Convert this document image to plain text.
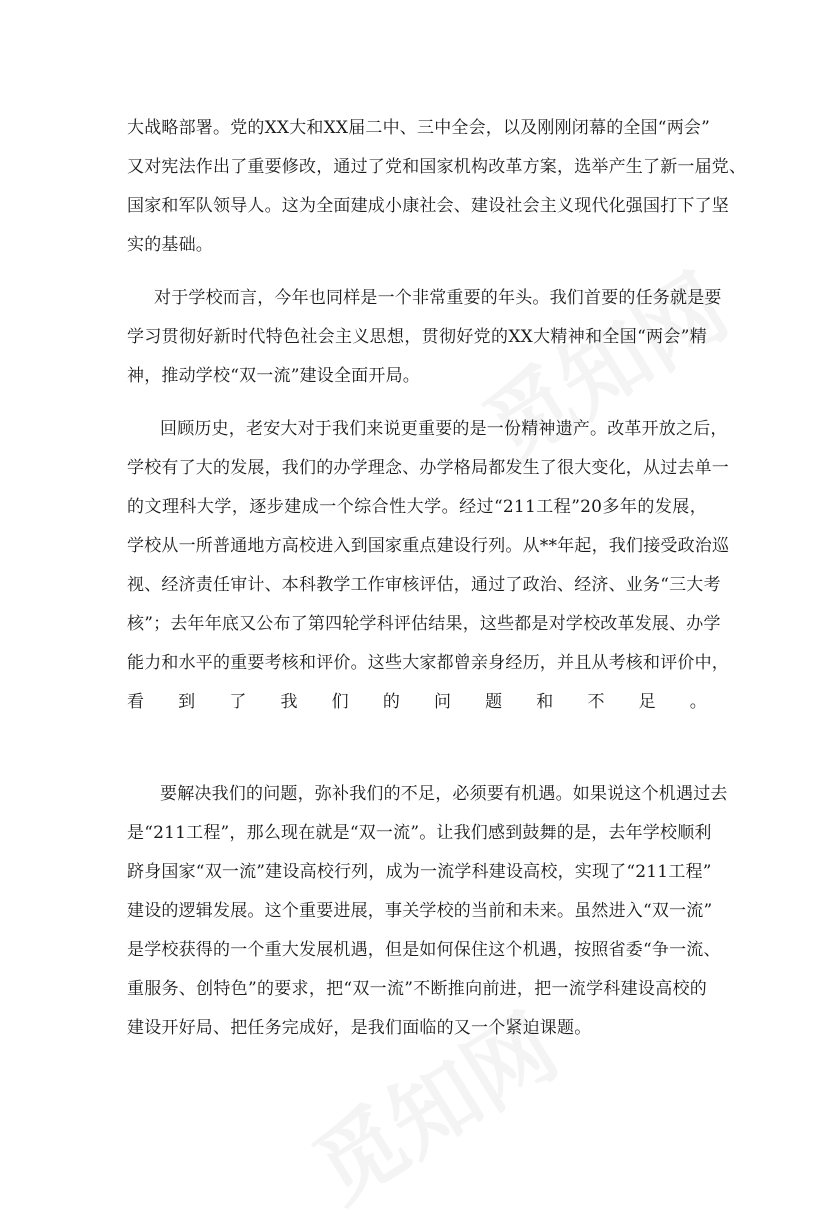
大战略部署。党的XX大和XX届二中、三中全会，以及刚刚闭幕的全国“两会”
又对宪法作出了重要修改，通过了党和国家机构改革方案，选举产生了新一届党、
国家和军队领导人。这为全面建成小康社会、建设社会主义现代化强国打下了坚
实的基础。
对于学校而言，今年也同样是一个非常重要的年头。我们首要的任务就是要
学习贯彻好新时代特色社会主义思想，贯彻好党的XX大精神和全国“两会”精
神，推动学校“双一流”建设全面开局。
回顾历史，老安大对于我们来说更重要的是一份精神遗产。改革开放之后，
学校有了大的发展，我们的办学理念、办学格局都发生了很大变化，从过去单一
的文理科大学，逐步建成一个综合性大学。经过“211工程”20多年的发展，
学校从一所普通地方高校进入到国家重点建设行列。从**年起，我们接受政治巡
视、经济责任审计、本科教学工作审核评估，通过了政治、经济、业务“三大考
核”；去年年底又公布了第四轮学科评估结果，这些都是对学校改革发展、办学
能力和水平的重要考核和评价。这些大家都曾亲身经历，并且从考核和评价中，
看到了我们的问题和不足。
要解决我们的问题，弥补我们的不足，必须要有机遇。如果说这个机遇过去
是“211工程”，那么现在就是“双一流”。让我们感到鼓舞的是，去年学校顺利
跻身国家“双一流”建设高校行列，成为一流学科建设高校，实现了“211工程”
建设的逻辑发展。这个重要进展，事关学校的当前和未来。虽然进入“双一流”
是学校获得的一个重大发展机遇，但是如何保住这个机遇，按照省委“争一流、
重服务、创特色”的要求，把“双一流”不断推向前进，把一流学科建设高校的
建设开好局、把任务完成好，是我们面临的又一个紧迫课题。
